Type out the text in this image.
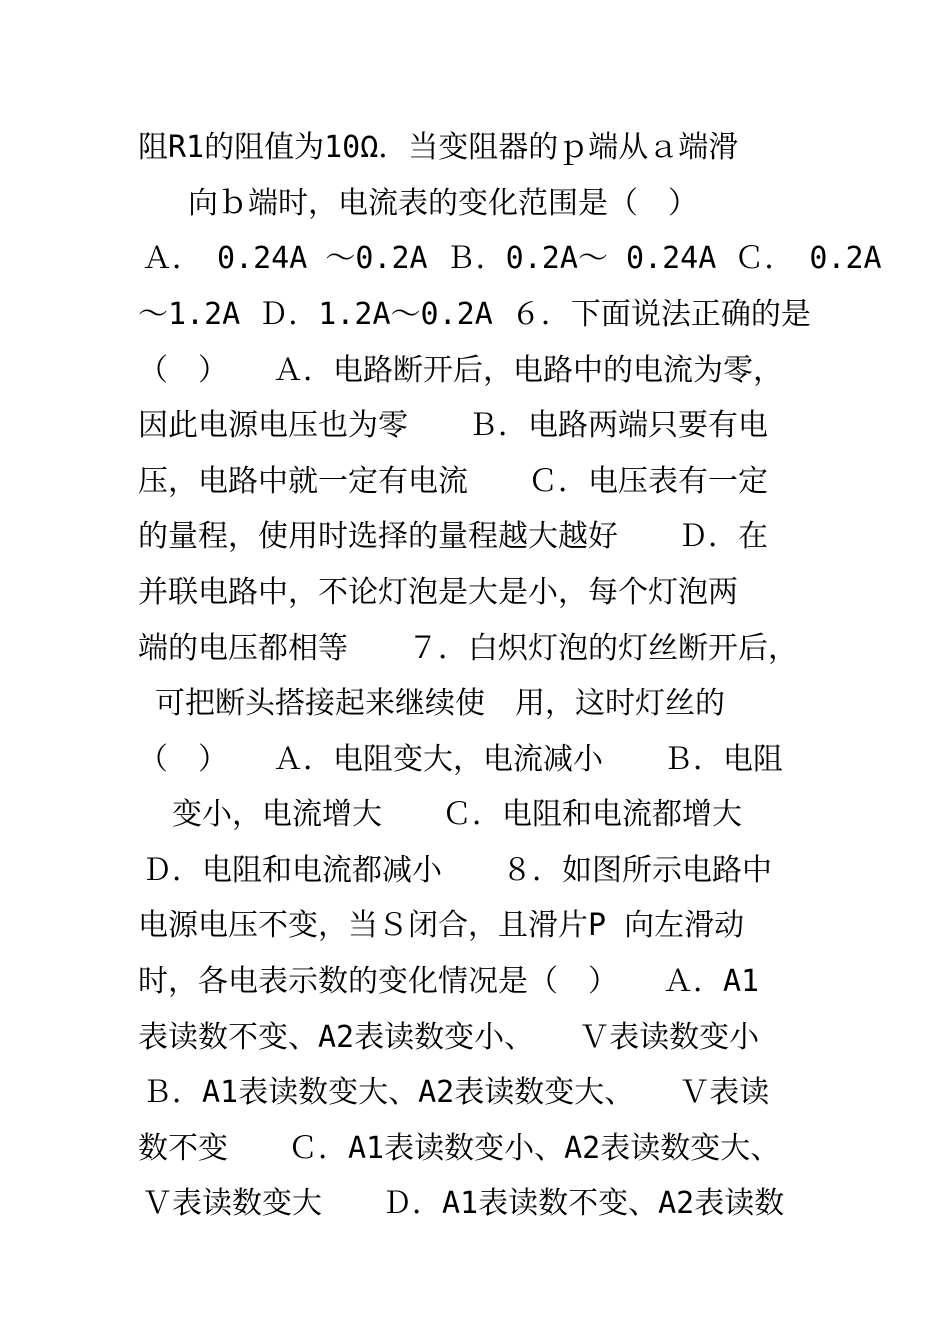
阻R1的阻值为10Ω．当变阻器的ｐ端从ａ端滑
向ｂ端时，电流表的变化范围是（　）
Ａ．　0.24A ～0.2A Ｂ．0.2A～ 0.24A Ｃ．　0.2A
～1.2A Ｄ．1.2A～0.2A ６．下面说法正确的是
（　）　　Ａ．电路断开后，电路中的电流为零，
因此电源电压也为零　　Ｂ．电路两端只要有电
压，电路中就一定有电流　　Ｃ．电压表有一定
的量程，使用时选择的量程越大越好　　Ｄ．在
并联电路中，不论灯泡是大是小，每个灯泡两
端的电压都相等　　７．白炽灯泡的灯丝断开后，
可把断头搭接起来继续使　用，这时灯丝的
（　）　　Ａ．电阻变大，电流减小　　Ｂ．电阻
变小，电流增大　　Ｃ．电阻和电流都增大
Ｄ．电阻和电流都减小　　８．如图所示电路中
电源电压不变，当Ｓ闭合，且滑片P 向左滑动
时，各电表示数的变化情况是（　）　　Ａ．A1
表读数不变、A2表读数变小、　　Ｖ表读数变小
Ｂ．A1表读数变大、A2表读数变大、　　Ｖ表读
数不变　　Ｃ．A1表读数变小、A2表读数变大、
Ｖ表读数变大　　Ｄ．A1表读数不变、A2表读数
